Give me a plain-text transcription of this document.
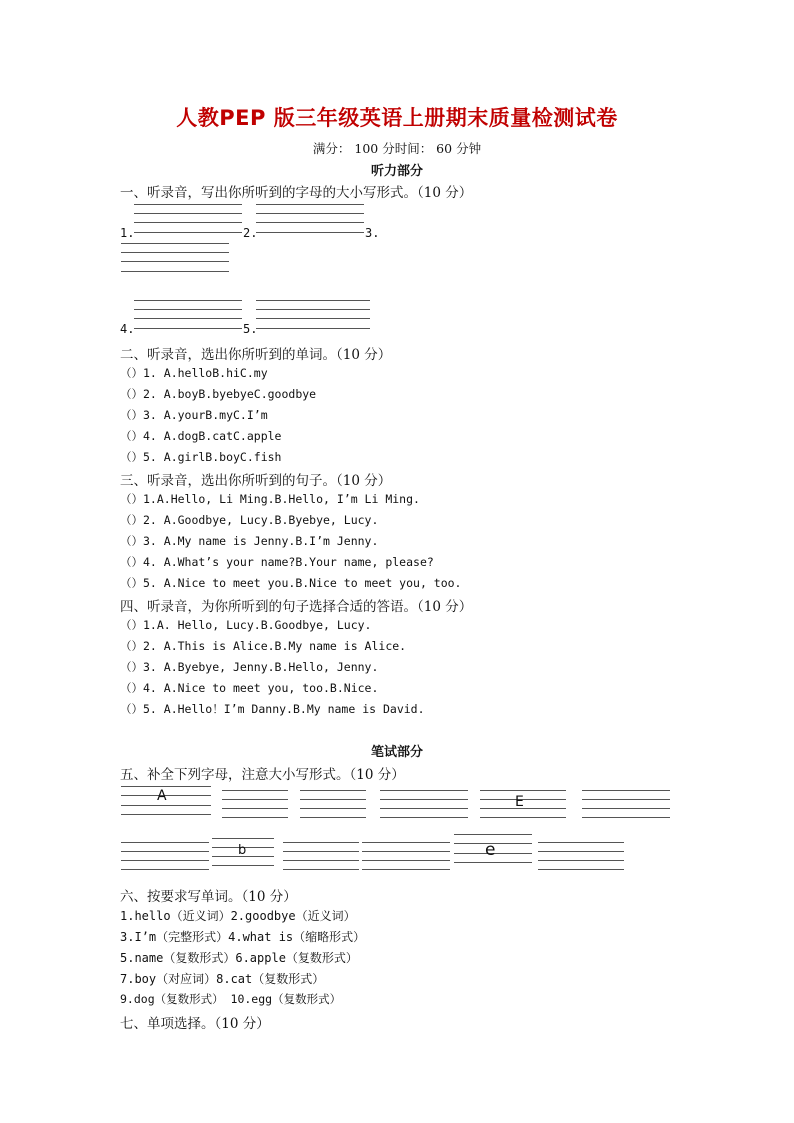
人教PEP 版三年级英语上册期末质量检测试卷
满分： 100 分时间： 60 分钟
听力部分
一、听录音，写出你所听到的字母的大小写形式。（10 分）
1.	2.	3.
4.	5.
二、听录音，选出你所听到的单词。（10 分）
（）1. A.helloB.hiC.my
（）2. A.boyB.byebyeC.goodbye
（）3. A.yourB.myC.I’m
（）4. A.dogB.catC.apple
（）5. A.girlB.boyC.fish
三、听录音，选出你所听到的句子。（10 分）
（）1.A.Hello, Li Ming.B.Hello, I’m Li Ming.
（）2. A.Goodbye, Lucy.B.Byebye, Lucy.
（）3. A.My name is Jenny.B.I’m Jenny.
（）4. A.What’s your name?B.Your name, please?
（）5. A.Nice to meet you.B.Nice to meet you, too.
四、听录音，为你所听到的句子选择合适的答语。（10 分）
（）1.A. Hello, Lucy.B.Goodbye, Lucy.
（）2. A.This is Alice.B.My name is Alice.
（）3. A.Byebye, Jenny.B.Hello, Jenny.
（）4. A.Nice to meet you, too.B.Nice.
（）5. A.Hello！I’m Danny.B.My name is David.
笔试部分
五、补全下列字母，注意大小写形式。（10 分）
A	E
b	e
六、按要求写单词。（10 分）
1.hello（近义词）2.goodbye（近义词）
3.I’m（完整形式）4.what is（缩略形式）
5.name（复数形式）6.apple（复数形式）
7.boy（对应词）8.cat（复数形式）
9.dog（复数形式） 10.egg（复数形式）
七、单项选择。（10 分）
